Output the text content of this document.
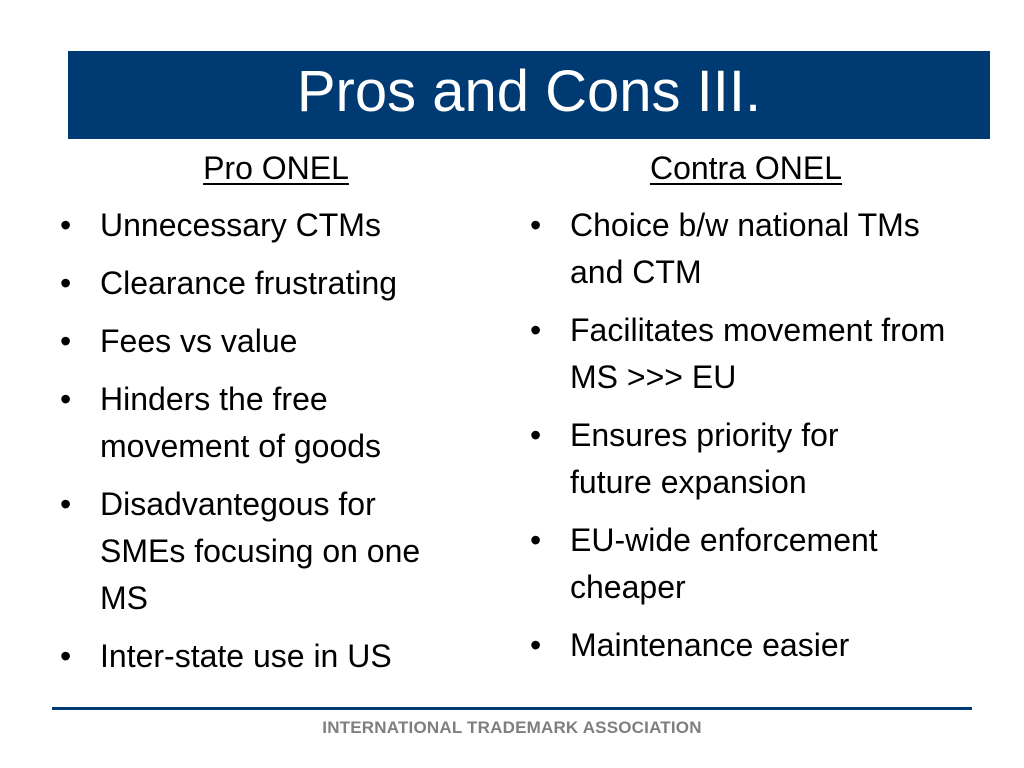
Pros and Cons III.
Pro ONEL
• Unnecessary CTMs
• Clearance frustrating
• Fees vs value
• Hinders the free movement of goods
• Disadvantegous for SMEs focusing on one MS
• Inter-state use in US
Contra ONEL
• Choice b/w national TMs and CTM
• Facilitates movement from MS >>> EU
• Ensures priority for future expansion
• EU-wide enforcement cheaper
• Maintenance easier
INTERNATIONAL TRADEMARK ASSOCIATION
